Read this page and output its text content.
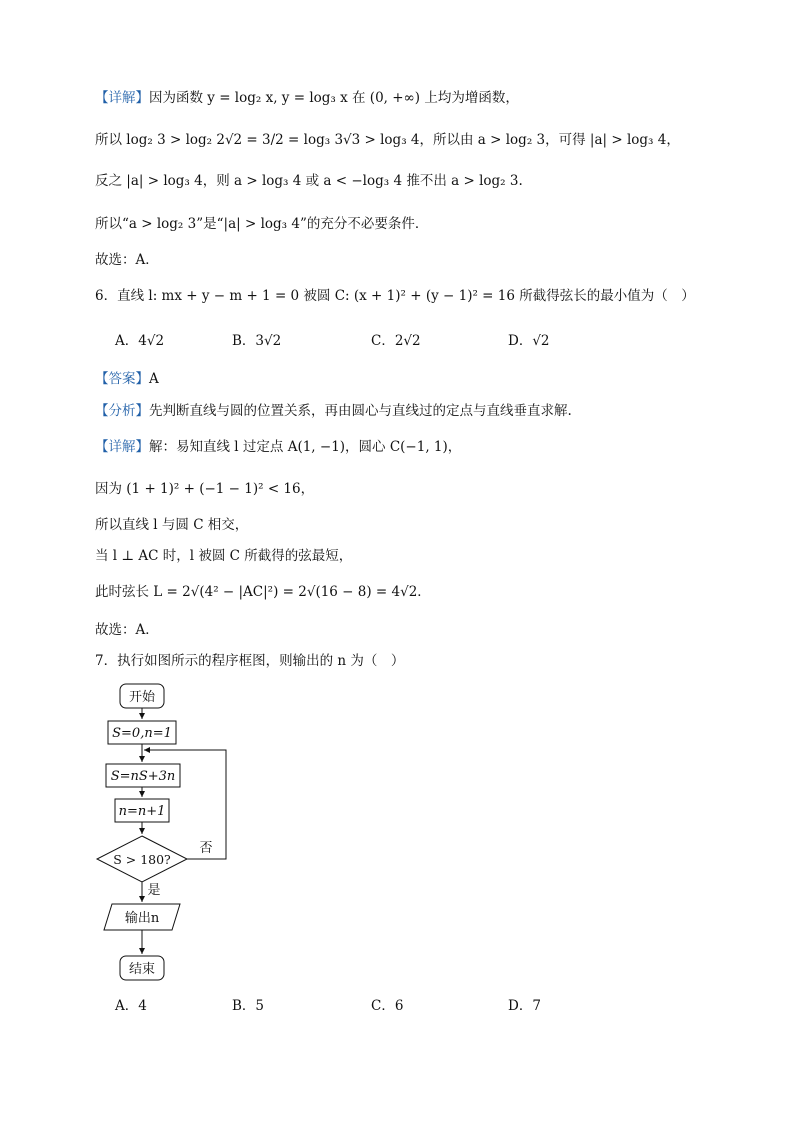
【详解】因为函数 y = log₂ x, y = log₃ x 在 (0, +∞) 上均为增函数，
所以 log₂ 3 > log₂ 2√2 = 3/2 = log₃ 3√3 > log₃ 4，所以由 a > log₂ 3，可得 |a| > log₃ 4，
反之 |a| > log₃ 4，则 a > log₃ 4 或 a < −log₃ 4 推不出 a > log₂ 3.
所以“a > log₂ 3”是“|a| > log₃ 4”的充分不必要条件．
故选：A．
6．直线 l: mx + y − m + 1 = 0 被圆 C: (x + 1)² + (y − 1)² = 16 所截得弦长的最小值为（　）
A．4√2	B．3√2	C．2√2	D．√2
【答案】A
【分析】先判断直线与圆的位置关系，再由圆心与直线过的定点与直线垂直求解.
【详解】解：易知直线 l 过定点 A(1, −1)，圆心 C(−1, 1)，
因为 (1 + 1)² + (−1 − 1)² < 16，
所以直线 l 与圆 C 相交，
当 l ⊥ AC 时，l 被圆 C 所截得的弦最短，
此时弦长 L = 2√(4² − |AC|²) = 2√(16 − 8) = 4√2．
故选：A．
7．执行如图所示的程序框图，则输出的 n 为（　）
开始
S=0,n=1
S=nS+3n
n=n+1
S > 180?
否
是
输出n
结束
A．4	B．5	C．6	D．7
